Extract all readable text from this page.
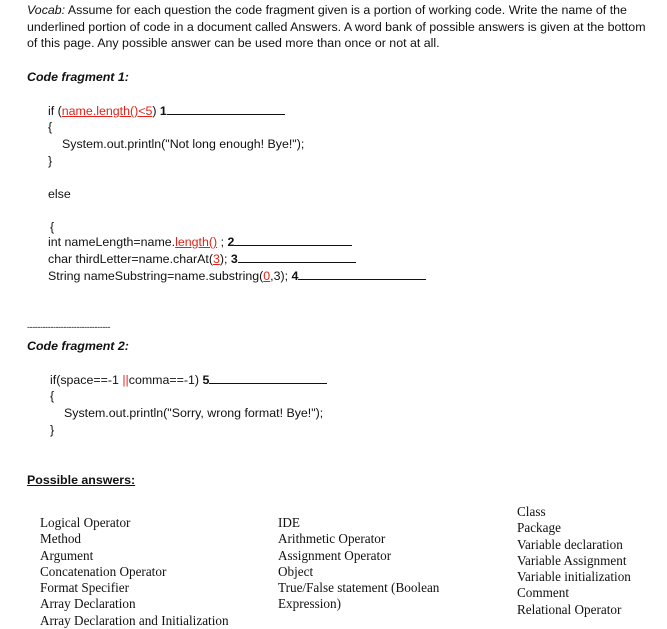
Vocab: Assume for each question the code fragment given is a portion of working code. Write the name of the underlined portion of code in a document called Answers. A word bank of possible answers is given at the bottom of this page. Any possible answer can be used more than once or not at all.
Code fragment 1:
if (name.length()<5) 1
{
System.out.println("Not long enough! Bye!");
}
else
{
int nameLength=name.length() ; 2
char thirdLetter=name.charAt(3); 3
String nameSubstring=name.substring(0,3); 4
--------------------------------
Code fragment 2:
if(space==-1 ||comma==-1) 5
{
System.out.println("Sorry, wrong format! Bye!");
}
Possible answers:
Logical Operator
Method
Argument
Concatenation Operator
Format Specifier
Array Declaration
Array Declaration and Initialization
IDE
Arithmetic Operator
Assignment Operator
Object
True/False statement (Boolean
Expression)
Class
Package
Variable declaration
Variable Assignment
Variable initialization
Comment
Relational Operator
